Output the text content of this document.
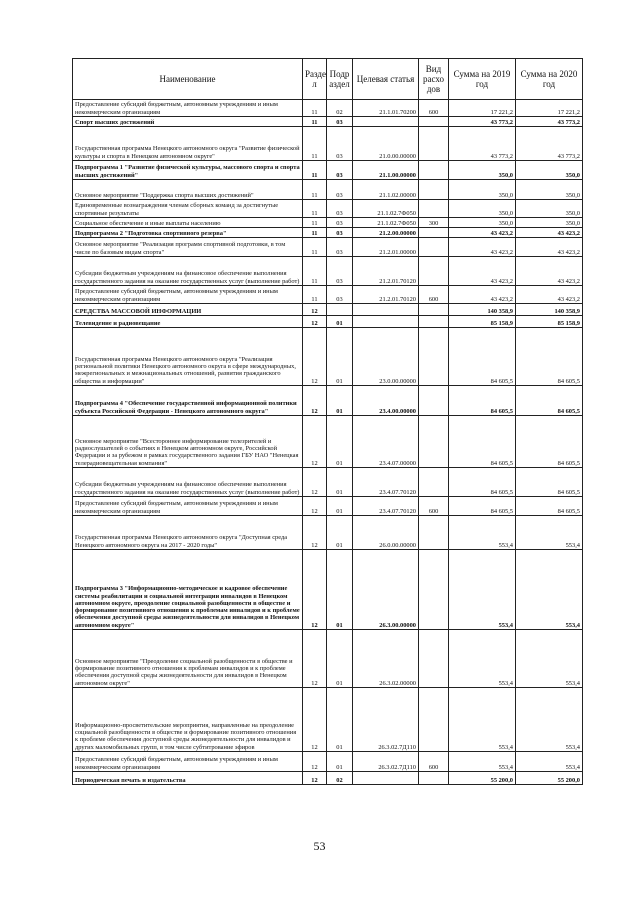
Наименование	Разде л	Подр аздел	Целевая статья	Вид расхо дов	Сумма на 2019 год	Сумма на 2020 год
Предоставление субсидий бюджетным, автономным учреждениям и иным некоммерческим организациям	11	02	21.1.01.70200	600	17 221,2	17 221,2
Спорт высших достижений	11	03			43 773,2	43 773,2
Государственная программа Ненецкого автономного округа "Развитие физической культуры и спорта в Ненецком автономном округе"	11	03	21.0.00.00000		43 773,2	43 773,2
Подпрограмма 1 "Развитие физической культуры, массового спорта и спорта высших достижений"	11	03	21.1.00.00000		350,0	350,0
Основное мероприятие "Поддержка спорта высших достижений"	11	03	21.1.02.00000		350,0	350,0
Единовременные вознаграждения членам сборных команд за достигнутые спортивные результаты	11	03	21.1.02.7Ф050		350,0	350,0
Социальное обеспечение и иные выплаты населению	11	03	21.1.02.7Ф050	300	350,0	350,0
Подпрограмма 2 "Подготовка спортивного резерва"	11	03	21.2.00.00000		43 423,2	43 423,2
Основное мероприятие "Реализация программ спортивной подготовки, в том числе по базовым видам спорта"	11	03	21.2.01.00000		43 423,2	43 423,2
Субсидии бюджетным учреждениям на финансовое обеспечение выполнения государственного задания на оказание государственных услуг (выполнение работ)	11	03	21.2.01.70120		43 423,2	43 423,2
Предоставление субсидий бюджетным, автономным учреждениям и иным некоммерческим организациям	11	03	21.2.01.70120	600	43 423,2	43 423,2
СРЕДСТВА МАССОВОЙ ИНФОРМАЦИИ	12				140 358,9	140 358,9
Телевидение и радиовещание	12	01			85 158,9	85 158,9
Государственная программа Ненецкого автономного округа "Реализация региональной политики Ненецкого автономного округа в сфере международных, межрегиональных и межнациональных отношений, развития гражданского общества и информации"	12	01	23.0.00.00000		84 605,5	84 605,5
Подпрограмма 4 "Обеспечение государственной информационной политики субъекта Российской Федерации - Ненецкого автономного округа"	12	01	23.4.00.00000		84 605,5	84 605,5
Основное мероприятие "Всестороннее информирование телезрителей и радиослушателей о событиях в Ненецком автономном округе, Российской Федерации и за рубежом в рамках государственного задания ГБУ НАО "Ненецкая телерадиовещательная компания"	12	01	23.4.07.00000		84 605,5	84 605,5
Субсидии бюджетным учреждениям на финансовое обеспечение выполнения государственного задания на оказание государственных услуг (выполнение работ)	12	01	23.4.07.70120		84 605,5	84 605,5
Предоставление субсидий бюджетным, автономным учреждениям и иным некоммерческим организациям	12	01	23.4.07.70120	600	84 605,5	84 605,5
Государственная программа Ненецкого автономного округа "Доступная среда Ненецкого автономного округа на 2017 - 2020 годы"	12	01	26.0.00.00000		553,4	553,4
Подпрограмма 3 "Информационно-методическое и кадровое обеспечение системы реабилитации и социальной интеграции инвалидов в Ненецком автономном округе, преодоление социальной разобщенности в обществе и формирование позитивного отношения к проблемам инвалидов и к проблеме обеспечения доступной среды жизнедеятельности для инвалидов в Ненецком автономном округе"	12	01	26.3.00.00000		553,4	553,4
Основное мероприятие "Преодоление социальной разобщенности в обществе и формирование позитивного отношения к проблемам инвалидов и к проблеме обеспечения доступной среды жизнедеятельности для инвалидов в Ненецком автономном округе"	12	01	26.3.02.00000		553,4	553,4
Информационно-просветительские мероприятия, направленные на преодоление социальной разобщенности в обществе и формирование позитивного отношения к проблеме обеспечения доступной среды жизнедеятельности для инвалидов и других маломобильных групп, в том числе субтитрование эфиров	12	01	26.3.02.7Д110		553,4	553,4
Предоставление субсидий бюджетным, автономным учреждениям и иным некоммерческим организациям	12	01	26.3.02.7Д110	600	553,4	553,4
Периодическая печать и издательства	12	02			55 200,0	55 200,0
53
